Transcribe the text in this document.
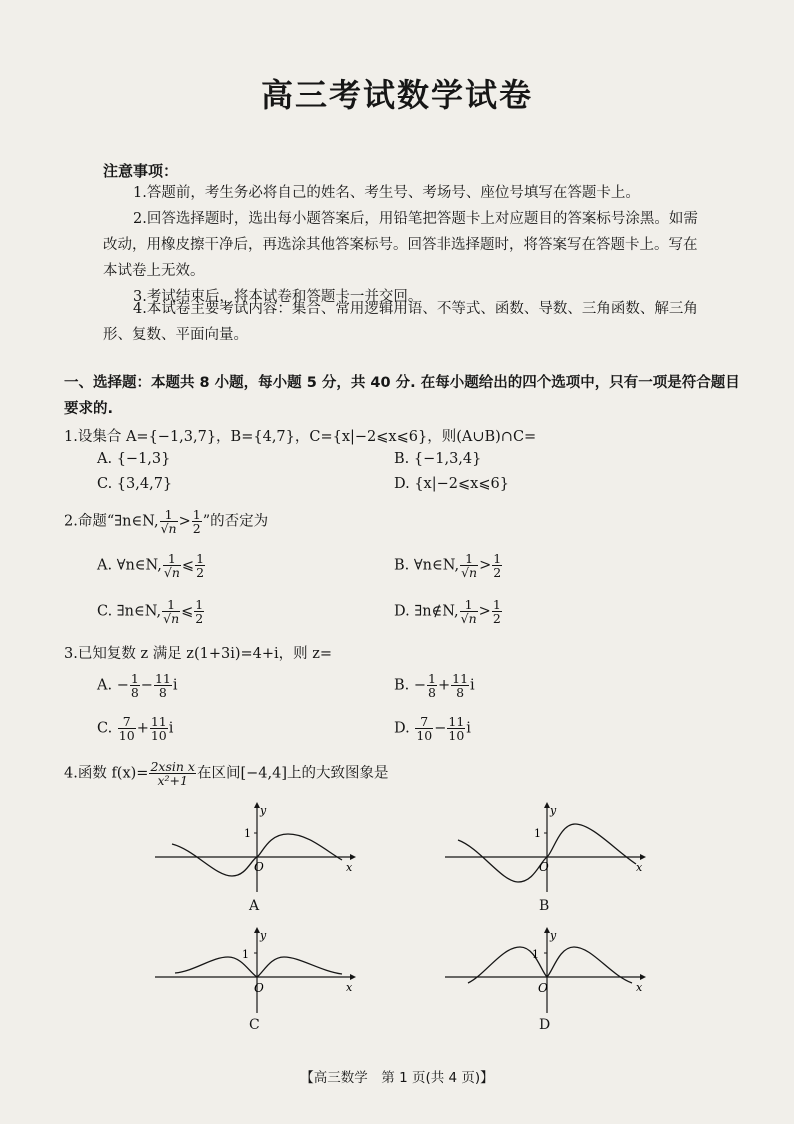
高三考试数学试卷
注意事项：
1.答题前，考生务必将自己的姓名、考生号、考场号、座位号填写在答题卡上。
2.回答选择题时，选出每小题答案后，用铅笔把答题卡上对应题目的答案标号涂黑。如需改动，用橡皮擦干净后，再选涂其他答案标号。回答非选择题时，将答案写在答题卡上。写在本试卷上无效。
3.考试结束后，将本试卷和答题卡一并交回。
4.本试卷主要考试内容：集合、常用逻辑用语、不等式、函数、导数、三角函数、解三角形、复数、平面向量。
一、选择题：本题共 8 小题，每小题 5 分，共 40 分. 在每小题给出的四个选项中，只有一项是符合题目要求的.
1.设集合 A={−1,3,7}，B={4,7}，C={x|−2⩽x⩽6}，则(A∪B)∩C=
A. {−1,3}	B. {−1,3,4}
C. {3,4,7}	D. {x|−2⩽x⩽6}
2.命题“∃n∈N, $\frac{1}{√n} > \frac{1}{2}$ ”的否定为
A. ∀n∈N, $\frac{1}{√n}$ ⩽ $\frac{1}{2}$	B. ∀n∈N, $\frac{1}{√n} > \frac{1}{2}$
C. ∃n∈N, $\frac{1}{√n}$ ⩽ $\frac{1}{2}$	D. ∃n∉N, $\frac{1}{√n} > \frac{1}{2}$
3.已知复数 z 满足 z(1+3i)=4+i，则 z=
A. − $\frac{1}{8} - \frac{11}{8}$ i	B. − $\frac{1}{8} + \frac{11}{8}$ i
C. $\frac{7}{10} + \frac{11}{10}$ i	D. $\frac{7}{10} - \frac{11}{10}$ i
4.函数 $f(x)= \frac{\text{2xsin x}}{\text{x²+1}}$ 在区间[−4,4]上的大致图象是
1
y
x
O
A
1
y
x
O
B
1
y
x
O
C
1
y
x
O
D
【高三数学　第 1 页(共 4 页)】
